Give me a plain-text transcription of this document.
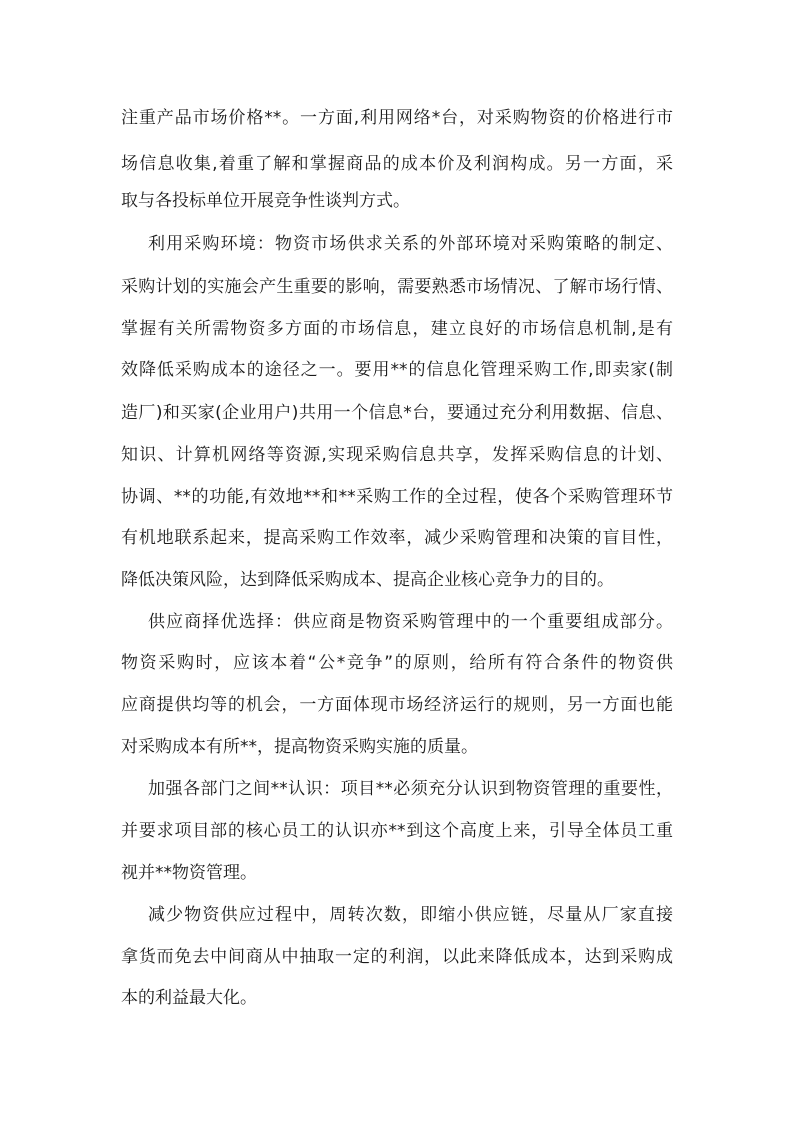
注重产品市场价格**。一方面,利用网络*台，对采购物资的价格进行市
场信息收集,着重了解和掌握商品的成本价及利润构成。另一方面，采
取与各投标单位开展竞争性谈判方式。
利用采购环境：物资市场供求关系的外部环境对采购策略的制定、
采购计划的实施会产生重要的影响，需要熟悉市场情况、了解市场行情、
掌握有关所需物资多方面的市场信息，建立良好的市场信息机制,是有
效降低采购成本的途径之一。要用**的信息化管理采购工作,即卖家(制
造厂)和买家(企业用户)共用一个信息*台，要通过充分利用数据、信息、
知识、计算机网络等资源,实现采购信息共享，发挥采购信息的计划、
协调、**的功能,有效地**和**采购工作的全过程，使各个采购管理环节
有机地联系起来，提高采购工作效率，减少采购管理和决策的盲目性，
降低决策风险，达到降低采购成本、提高企业核心竞争力的目的。
供应商择优选择：供应商是物资采购管理中的一个重要组成部分。
物资采购时，应该本着“公*竞争”的原则，给所有符合条件的物资供
应商提供均等的机会，一方面体现市场经济运行的规则，另一方面也能
对采购成本有所**，提高物资采购实施的质量。
加强各部门之间**认识：项目**必须充分认识到物资管理的重要性，
并要求项目部的核心员工的认识亦**到这个高度上来，引导全体员工重
视并**物资管理。
减少物资供应过程中，周转次数，即缩小供应链，尽量从厂家直接
拿货而免去中间商从中抽取一定的利润，以此来降低成本，达到采购成
本的利益最大化。
